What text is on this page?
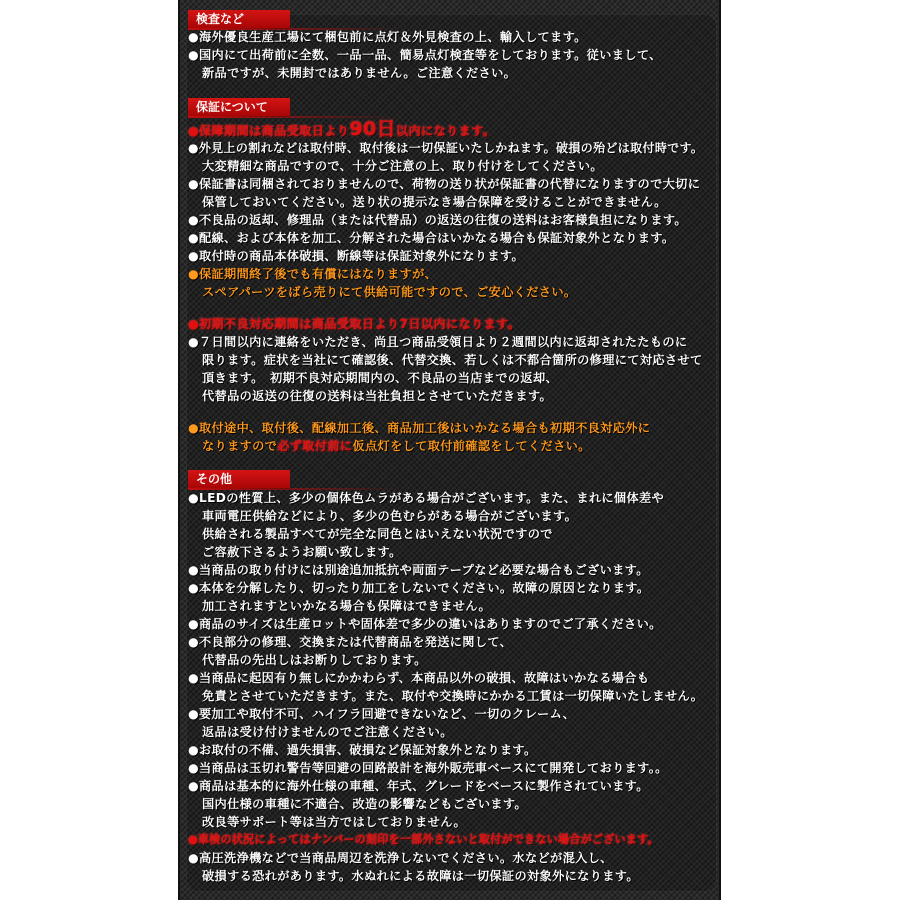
検査など
●海外優良生産工場にて梱包前に点灯＆外見検査の上、輸入してます。
●国内にて出荷前に全数、一品一品、簡易点灯検査等をしております。従いまして、
新品ですが、未開封ではありません。ご注意ください。
保証について
●保障期間は商品受取日より90日以内になります。
●外見上の割れなどは取付時、取付後は一切保証いたしかねます。破損の殆どは取付時です。
大変精細な商品ですので、十分ご注意の上、取り付けをしてください。
●保証書は同梱されておりませんので、荷物の送り状が保証書の代替になりますので大切に
保管しておいてください。送り状の提示なき場合保障を受けることができません。
●不良品の返却、修理品（または代替品）の返送の往復の送料はお客様負担になります。
●配線、および本体を加工、分解された場合はいかなる場合も保証対象外となります。
●取付時の商品本体破損、断線等は保証対象外になります。
●保証期間終了後でも有償にはなりますが、
スペアパーツをばら売りにて供給可能ですので、ご安心ください。
●初期不良対応期間は商品受取日より7日以内になります。
●７日間以内に連絡をいただき、尚且つ商品受領日より２週間以内に返却されたたものに
限ります。症状を当社にて確認後、代替交換、若しくは不都合箇所の修理にて対応させて
頂きます。　初期不良対応期間内の、不良品の当店までの返却、
代替品の返送の往復の送料は当社負担とさせていただきます。
●取付途中、取付後、配線加工後、商品加工後はいかなる場合も初期不良対応外に
なりますので必ず取付前に仮点灯をして取付前確認をしてください。
その他
●LEDの性質上、多少の個体色ムラがある場合がございます。また、まれに個体差や
車両電圧供給などにより、多少の色むらがある場合がございます。
供給される製品すべてが完全な同色とはいえない状況ですので
ご容赦下さるようお願い致します。
●当商品の取り付けには別途追加抵抗や両面テープなど必要な場合もございます。
●本体を分解したり、切ったり加工をしないでください。故障の原因となります。
加工されますといかなる場合も保障はできません。
●商品のサイズは生産ロットや固体差で多少の違いはありますのでご了承ください。
●不良部分の修理、交換または代替商品を発送に関して、
代替品の先出しはお断りしております。
●当商品に起因有り無しにかかわらず、本商品以外の破損、故障はいかなる場合も
免責とさせていただきます。また、取付や交換時にかかる工賃は一切保障いたしません。
●要加工や取付不可、ハイフラ回避できないなど、一切のクレーム、
返品は受け付けませんのでご注意ください。
●お取付の不備、過失損害、破損など保証対象外となります。
●当商品は玉切れ警告等回避の回路設計を海外販売車ベースにて開発しております。。
●商品は基本的に海外仕様の車種、年式、グレードをベースに製作されています。
国内仕様の車種に不適合、改造の影響などもございます。
改良等サポート等は当方ではしておりません。
●車検の状況によってはナンバーの刻印を一部外さないと取付ができない場合がございます。
●高圧洗浄機などで当商品周辺を洗浄しないでください。水などが混入し、
破損する恐れがあります。水ぬれによる故障は一切保証の対象外になります。
